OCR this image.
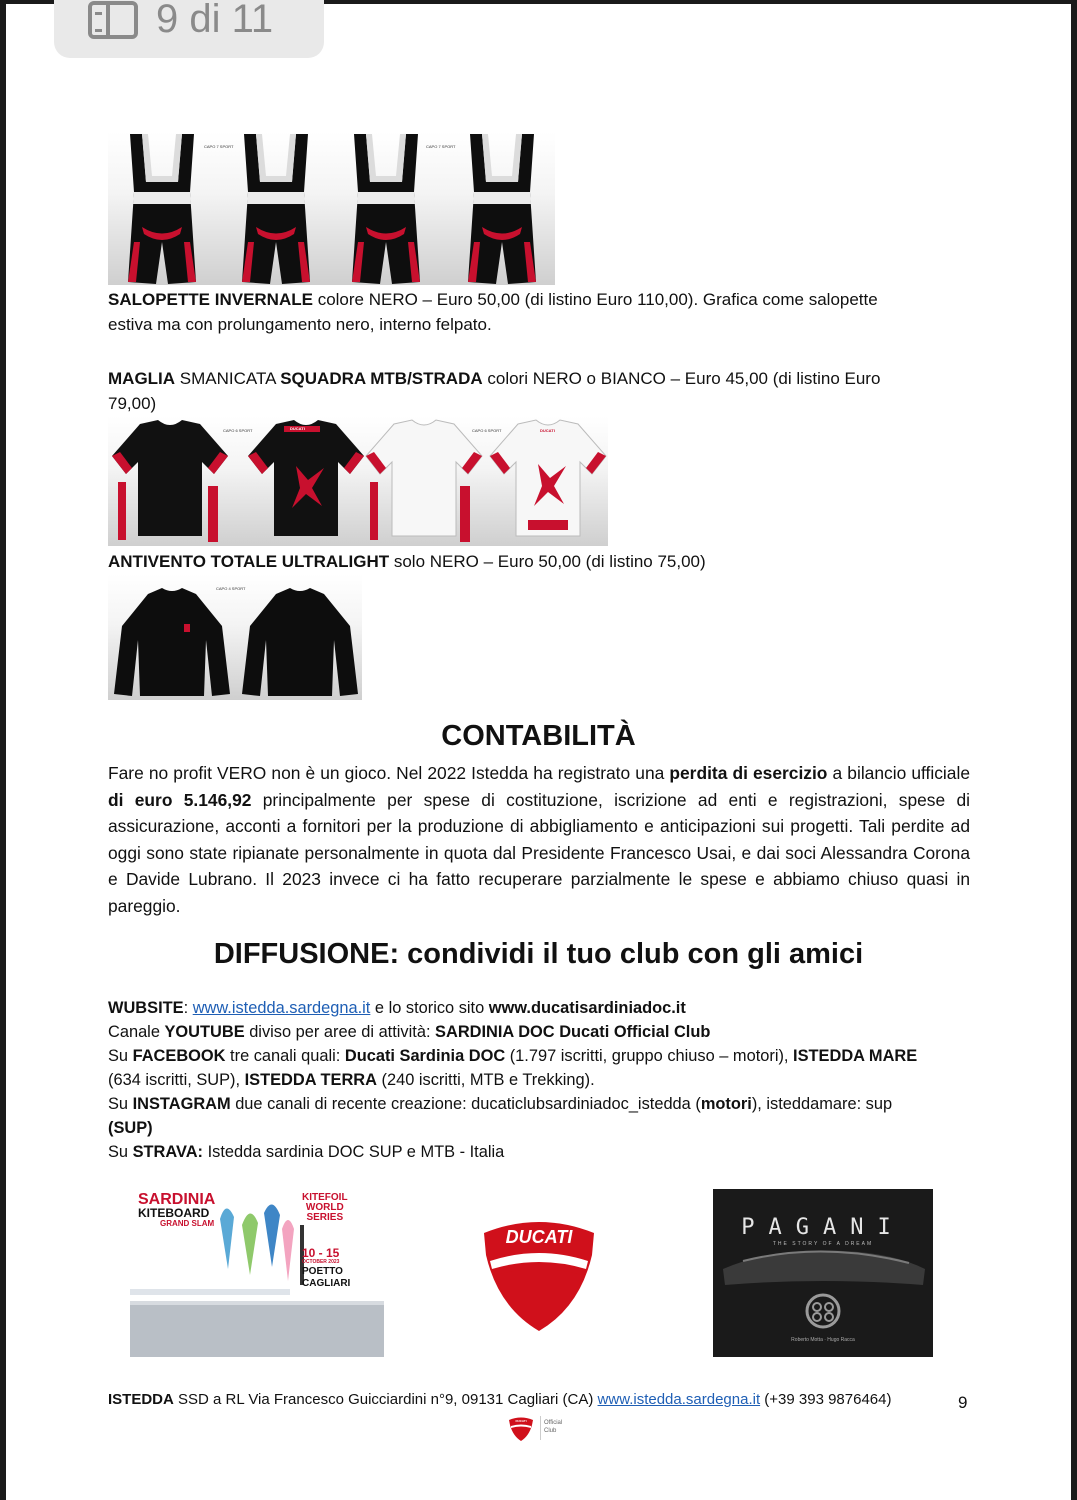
9 di 11
CAPO 7 SPORT	CAPO 7 SPORT
SALOPETTE INVERNALE colore NERO – Euro 50,00 (di listino Euro 110,00). Grafica come salopette
estiva ma con prolungamento nero, interno felpato.
MAGLIA SMANICATA SQUADRA MTB/STRADA colori NERO o BIANCO – Euro 45,00 (di listino Euro
79,00)
CAPO 6 SPORT	DUCATI	CAPO 6 SPORT	DUCATI
ANTIVENTO TOTALE ULTRALIGHT solo NERO – Euro 50,00 (di listino 75,00)
CAPO 4 SPORT
CONTABILITÀ
Fare no profit VERO non è un gioco. Nel 2022 Istedda ha registrato una perdita di esercizio a bilancio ufficiale di euro 5.146,92 principalmente per spese di costituzione, iscrizione ad enti e registrazioni, spese di assicurazione, acconti a fornitori per la produzione di abbigliamento e anticipazioni sui progetti. Tali perdite ad oggi sono state ripianate personalmente in quota dal Presidente Francesco Usai, e dai soci Alessandra Corona e Davide Lubrano. Il 2023 invece ci ha fatto recuperare parzialmente le spese e abbiamo chiuso quasi in pareggio.
DIFFUSIONE: condividi il tuo club con gli amici
WUBSITE: www.istedda.sardegna.it e lo storico sito www.ducatisardiniadoc.it
Canale YOUTUBE diviso per aree di attività: SARDINIA DOC Ducati Official Club
Su FACEBOOK tre canali quali: Ducati Sardinia DOC (1.797 iscritti, gruppo chiuso – motori), ISTEDDA MARE
(634 iscritti, SUP), ISTEDDA TERRA (240 iscritti, MTB e Trekking).
Su INSTAGRAM due canali di recente creazione: ducaticlubsardiniadoc_istedda (motori), isteddamare: sup
(SUP)
Su STRAVA: Istedda sardinia DOC SUP e MTB - Italia
SARDINIA
KITEBOARD
GRAND SLAM
KITEFOIL
WORLD
SERIES
10 - 15
OCTOBER 2023
POETTO
CAGLIARI
DUCATI	PAGANI
THE STORY OF A DREAM
Roberto Motta · Hugo Racca
ISTEDDA SSD a RL Via Francesco Guicciardini n°9, 09131 Cagliari (CA) www.istedda.sardegna.it (+39 393 9876464)	9
DUCATI	Official
Club
